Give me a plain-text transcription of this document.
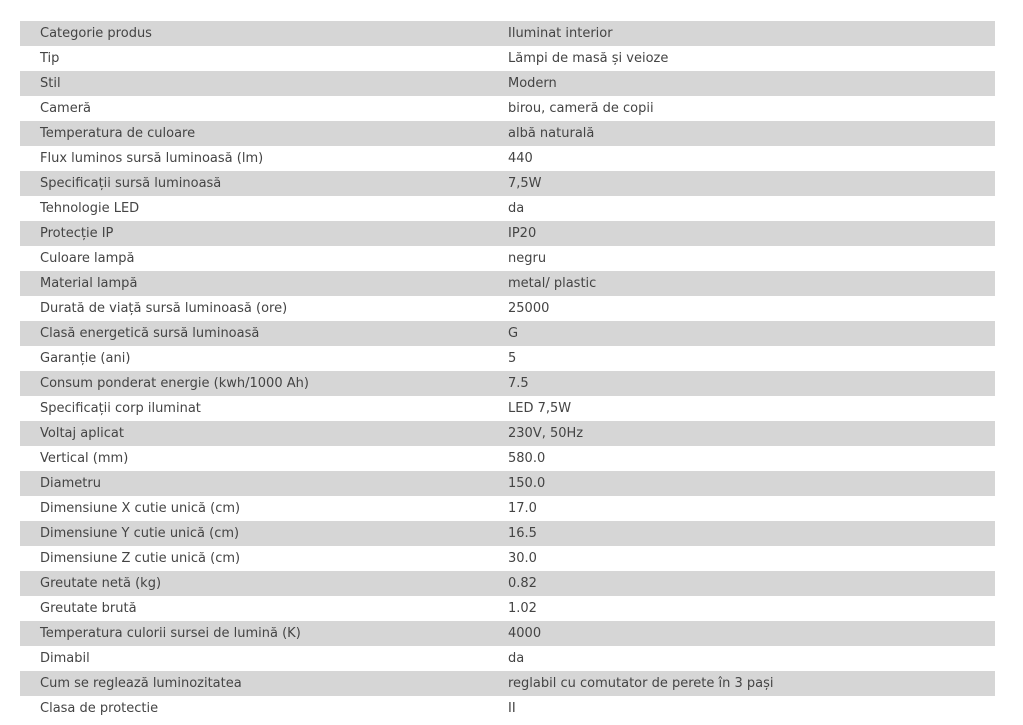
Categorie produs	Iluminat interior
Tip	Lămpi de masă și veioze
Stil	Modern
Cameră	birou, cameră de copii
Temperatura de culoare	albă naturală
Flux luminos sursă luminoasă (lm)	440
Specificații sursă luminoasă	7,5W
Tehnologie LED	da
Protecție IP	IP20
Culoare lampă	negru
Material lampă	metal/ plastic
Durată de viață sursă luminoasă (ore)	25000
Clasă energetică sursă luminoasă	G
Garanție (ani)	5
Consum ponderat energie (kwh/1000 Ah)	7.5
Specificații corp iluminat	LED 7,5W
Voltaj aplicat	230V, 50Hz
Vertical (mm)	580.0
Diametru	150.0
Dimensiune X cutie unică (cm)	17.0
Dimensiune Y cutie unică (cm)	16.5
Dimensiune Z cutie unică (cm)	30.0
Greutate netă (kg)	0.82
Greutate brută	1.02
Temperatura culorii sursei de lumină (K)	4000
Dimabil	da
Cum se reglează luminozitatea	reglabil cu comutator de perete în 3 pași
Clasa de protectie	II
